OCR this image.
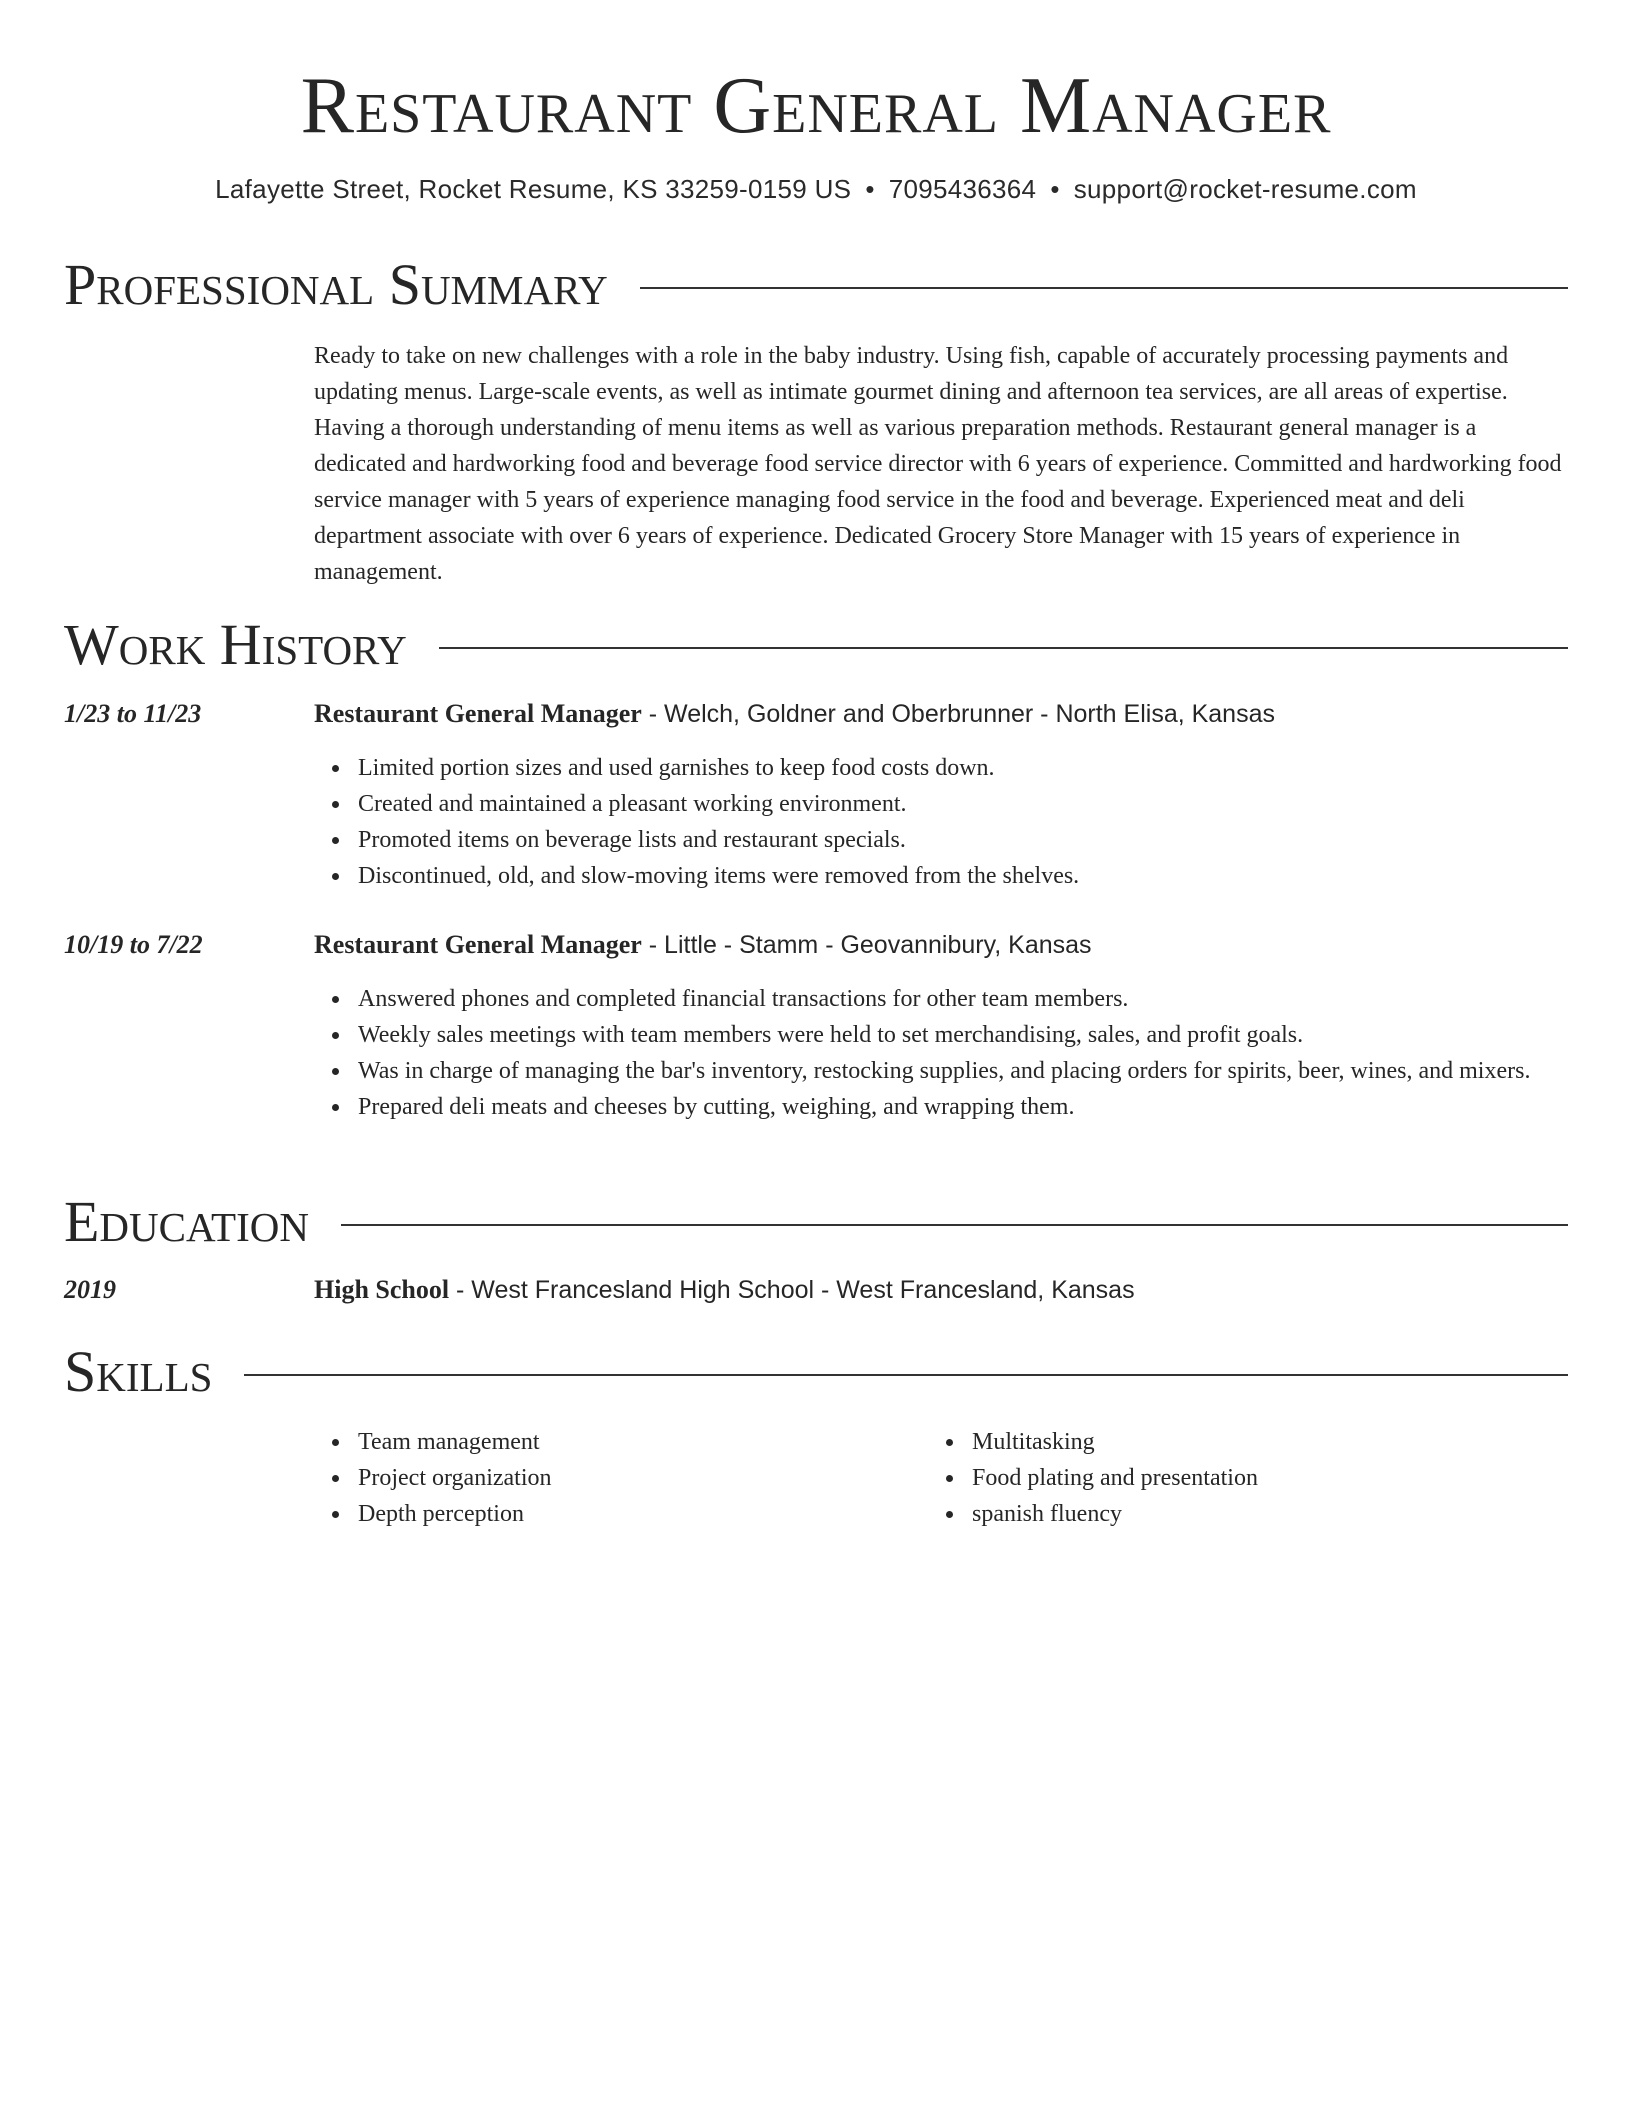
Restaurant General Manager
Lafayette Street, Rocket Resume, KS 33259-0159 US • 7095436364 • support@rocket-resume.com
Professional Summary

Ready to take on new challenges with a role in the baby industry. Using fish, capable of accurately processing payments and updating menus. Large-scale events, as well as intimate gourmet dining and afternoon tea services, are all areas of expertise. Having a thorough understanding of menu items as well as various preparation methods. Restaurant general manager is a dedicated and hardworking food and beverage food service director with 6 years of experience. Committed and hardworking food service manager with 5 years of experience managing food service in the food and beverage. Experienced meat and deli department associate with over 6 years of experience. Dedicated Grocery Store Manager with 15 years of experience in management.

Work History
1/23 to 11/23	Restaurant General Manager - Welch, Goldner and Oberbrunner - North Elisa, Kansas
Limited portion sizes and used garnishes to keep food costs down.
Created and maintained a pleasant working environment.
Promoted items on beverage lists and restaurant specials.
Discontinued, old, and slow-moving items were removed from the shelves.
10/19 to 7/22	Restaurant General Manager - Little - Stamm - Geovannibury, Kansas
Answered phones and completed financial transactions for other team members.
Weekly sales meetings with team members were held to set merchandising, sales, and profit goals.
Was in charge of managing the bar's inventory, restocking supplies, and placing orders for spirits, beer, wines, and mixers.
Prepared deli meats and cheeses by cutting, weighing, and wrapping them.
Education
2019	High School - West Francesland High School - West Francesland, Kansas
Skills
Team management
Project organization
Depth perception
Multitasking
Food plating and presentation
spanish fluency
